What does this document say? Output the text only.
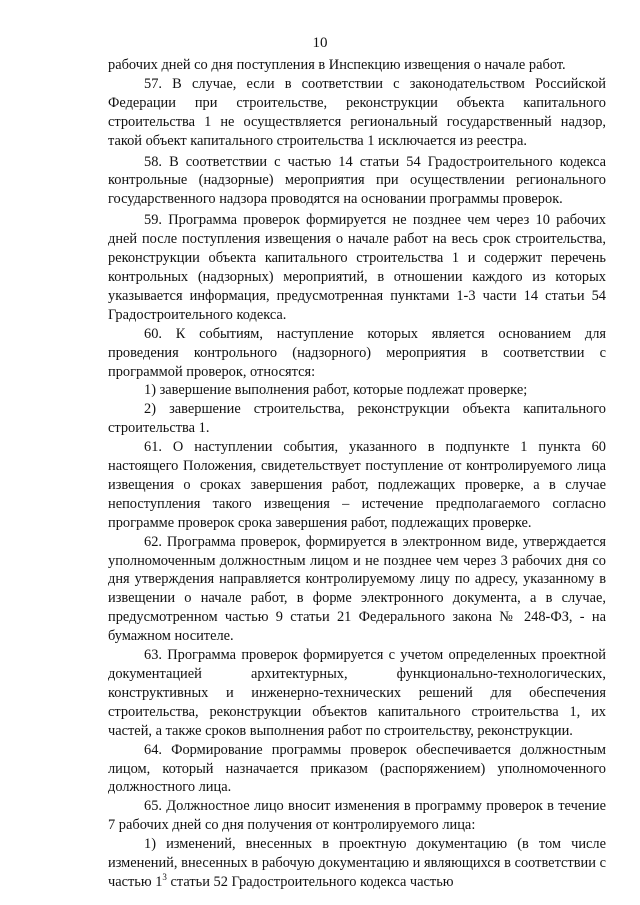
10

рабочих дней со дня поступления в Инспекцию извещения о начале работ.

57. В случае, если в соответствии с законодательством Российской Федерации при строительстве, реконструкции объекта капитального строительства 1 не осуществляется региональный государственный надзор, такой объект капитального строительства 1 исключается из реестра.

58. В соответствии с частью 14 статьи 54 Градостроительного кодекса контрольные (надзорные) мероприятия при осуществлении регионального государственного надзора проводятся на основании программы проверок.

59. Программа проверок формируется не позднее чем через 10 рабочих дней после поступления извещения о начале работ на весь срок строительства, реконструкции объекта капитального строительства 1 и содержит перечень контрольных (надзорных) мероприятий, в отношении каждого из которых указывается информация, предусмотренная пунктами 1-3 части 14 статьи 54 Градостроительного кодекса.

60. К событиям, наступление которых является основанием для проведения контрольного (надзорного) мероприятия в соответствии с программой проверок, относятся:

1) завершение выполнения работ, которые подлежат проверке;

2) завершение строительства, реконструкции объекта капитального строительства 1.

61. О наступлении события, указанного в подпункте 1 пункта 60 настоящего Положения, свидетельствует поступление от контролируемого лица извещения о сроках завершения работ, подлежащих проверке, а в случае непоступления такого извещения – истечение предполагаемого согласно программе проверок срока завершения работ, подлежащих проверке.

62. Программа проверок, формируется в электронном виде, утверждается уполномоченным должностным лицом и не позднее чем через 3 рабочих дня со дня утверждения направляется контролируемому лицу по адресу, указанному в извещении о начале работ, в форме электронного документа, а в случае, предусмотренном частью 9 статьи 21 Федерального закона № 248-ФЗ, - на бумажном носителе.

63. Программа проверок формируется с учетом определенных проектной документацией архитектурных, функционально-технологических, конструктивных и инженерно-технических решений для обеспечения строительства, реконструкции объектов капитального строительства 1, их частей, а также сроков выполнения работ по строительству, реконструкции.

64. Формирование программы проверок обеспечивается должностным лицом, который назначается приказом (распоряжением) уполномоченного должностного лица.

65. Должностное лицо вносит изменения в программу проверок в течение 7 рабочих дней со дня получения от контролируемого лица:

1) изменений, внесенных в проектную документацию (в том числе изменений, внесенных в рабочую документацию и являющихся в соответствии с частью $1^3$ статьи 52 Градостроительного кодекса частью
